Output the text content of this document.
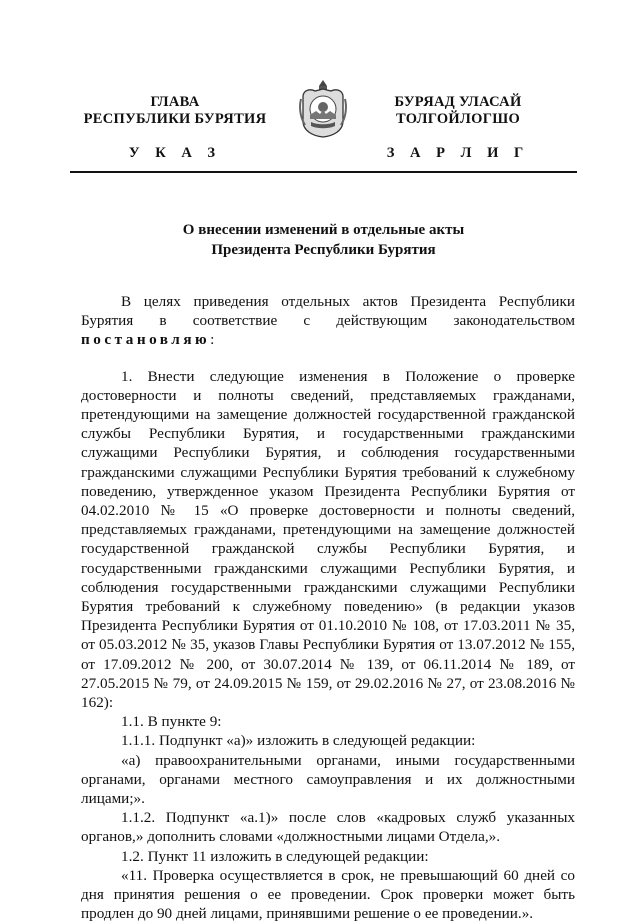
ГЛАВА
РЕСПУБЛИКИ БУРЯТИЯ
У К А З
БУРЯАД УЛАСАЙ
ТОЛГОЙЛОГШО
З А Р Л И Г
О внесении изменений в отдельные акты
Президента Республики Бурятия

В целях приведения отдельных актов Президента Республики Бурятия в соответствие с действующим законодательством постановляю:

1. Внести следующие изменения в Положение о проверке достоверности и полноты сведений, представляемых гражданами, претендующими на замещение должностей государственной гражданской службы Республики Бурятия, и государственными гражданскими служащими Республики Бурятия, и соблюдения государственными гражданскими служащими Республики Бурятия требований к служебному поведению, утвержденное указом Президента Республики Бурятия от 04.02.2010 № 15 «О проверке достоверности и полноты сведений, представляемых гражданами, претендующими на замещение должностей государственной гражданской службы Республики Бурятия, и государственными гражданскими служащими Республики Бурятия, и соблюдения государственными гражданскими служащими Республики Бурятия требований к служебному поведению» (в редакции указов Президента Республики Бурятия от 01.10.2010 № 108, от 17.03.2011 № 35, от 05.03.2012 № 35, указов Главы Республики Бурятия от 13.07.2012 № 155, от 17.09.2012 № 200, от 30.07.2014 № 139, от 06.11.2014 № 189, от 27.05.2015 № 79, от 24.09.2015 № 159, от 29.02.2016 № 27, от 23.08.2016 № 162):

1.1. В пункте 9:

1.1.1. Подпункт «а)» изложить в следующей редакции:

«а) правоохранительными органами, иными государственными органами, органами местного самоуправления и их должностными лицами;».

1.1.2. Подпункт «а.1)» после слов «кадровых служб указанных органов,» дополнить словами «должностными лицами Отдела,».

1.2. Пункт 11 изложить в следующей редакции:

«11. Проверка осуществляется в срок, не превышающий 60 дней со дня принятия решения о ее проведении. Срок проверки может быть продлен до 90 дней лицами, принявшими решение о ее проведении.».
